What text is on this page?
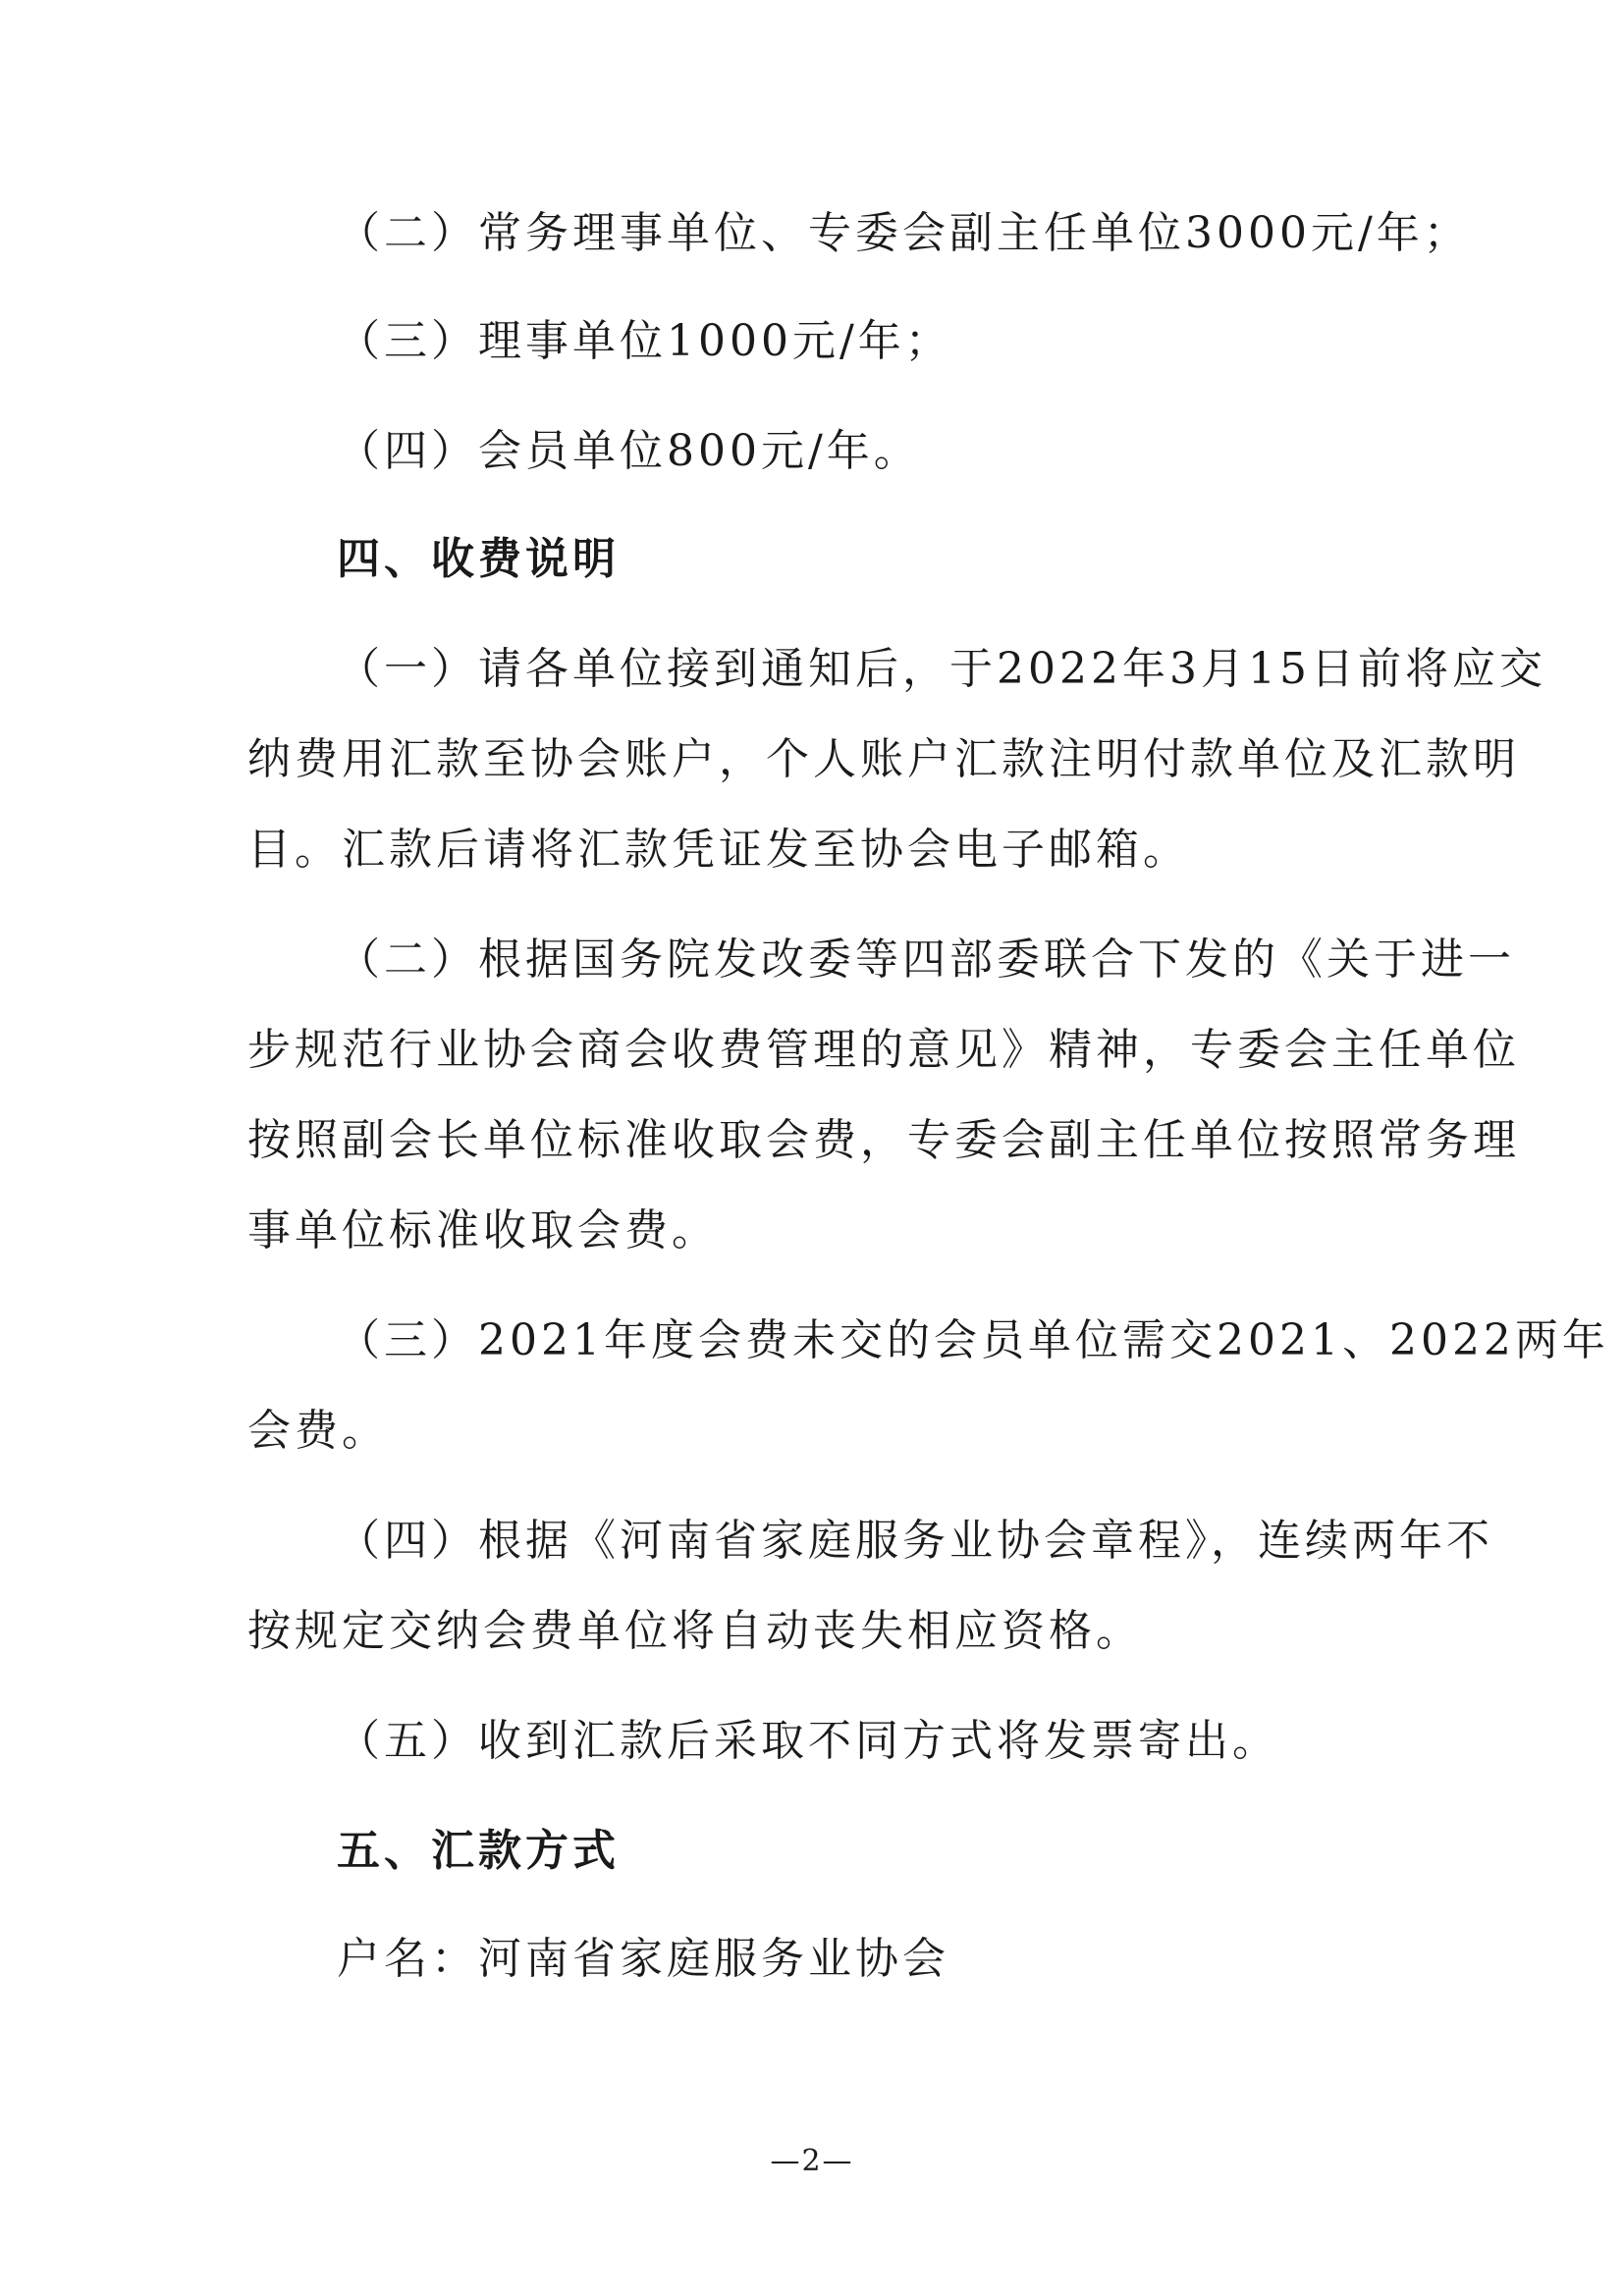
（二）常务理事单位、专委会副主任单位3000元/年；
（三）理事单位1000元/年；
（四）会员单位800元/年。
四、收费说明
（一）请各单位接到通知后，于2022年3月15日前将应交
纳费用汇款至协会账户，个人账户汇款注明付款单位及汇款明
目。汇款后请将汇款凭证发至协会电子邮箱。
（二）根据国务院发改委等四部委联合下发的《关于进一
步规范行业协会商会收费管理的意见》精神，专委会主任单位
按照副会长单位标准收取会费，专委会副主任单位按照常务理
事单位标准收取会费。
（三）2021年度会费未交的会员单位需交2021、2022两年
会费。
（四）根据《河南省家庭服务业协会章程》，连续两年不
按规定交纳会费单位将自动丧失相应资格。
（五）收到汇款后采取不同方式将发票寄出。
五、汇款方式
户名：河南省家庭服务业协会
—2—
